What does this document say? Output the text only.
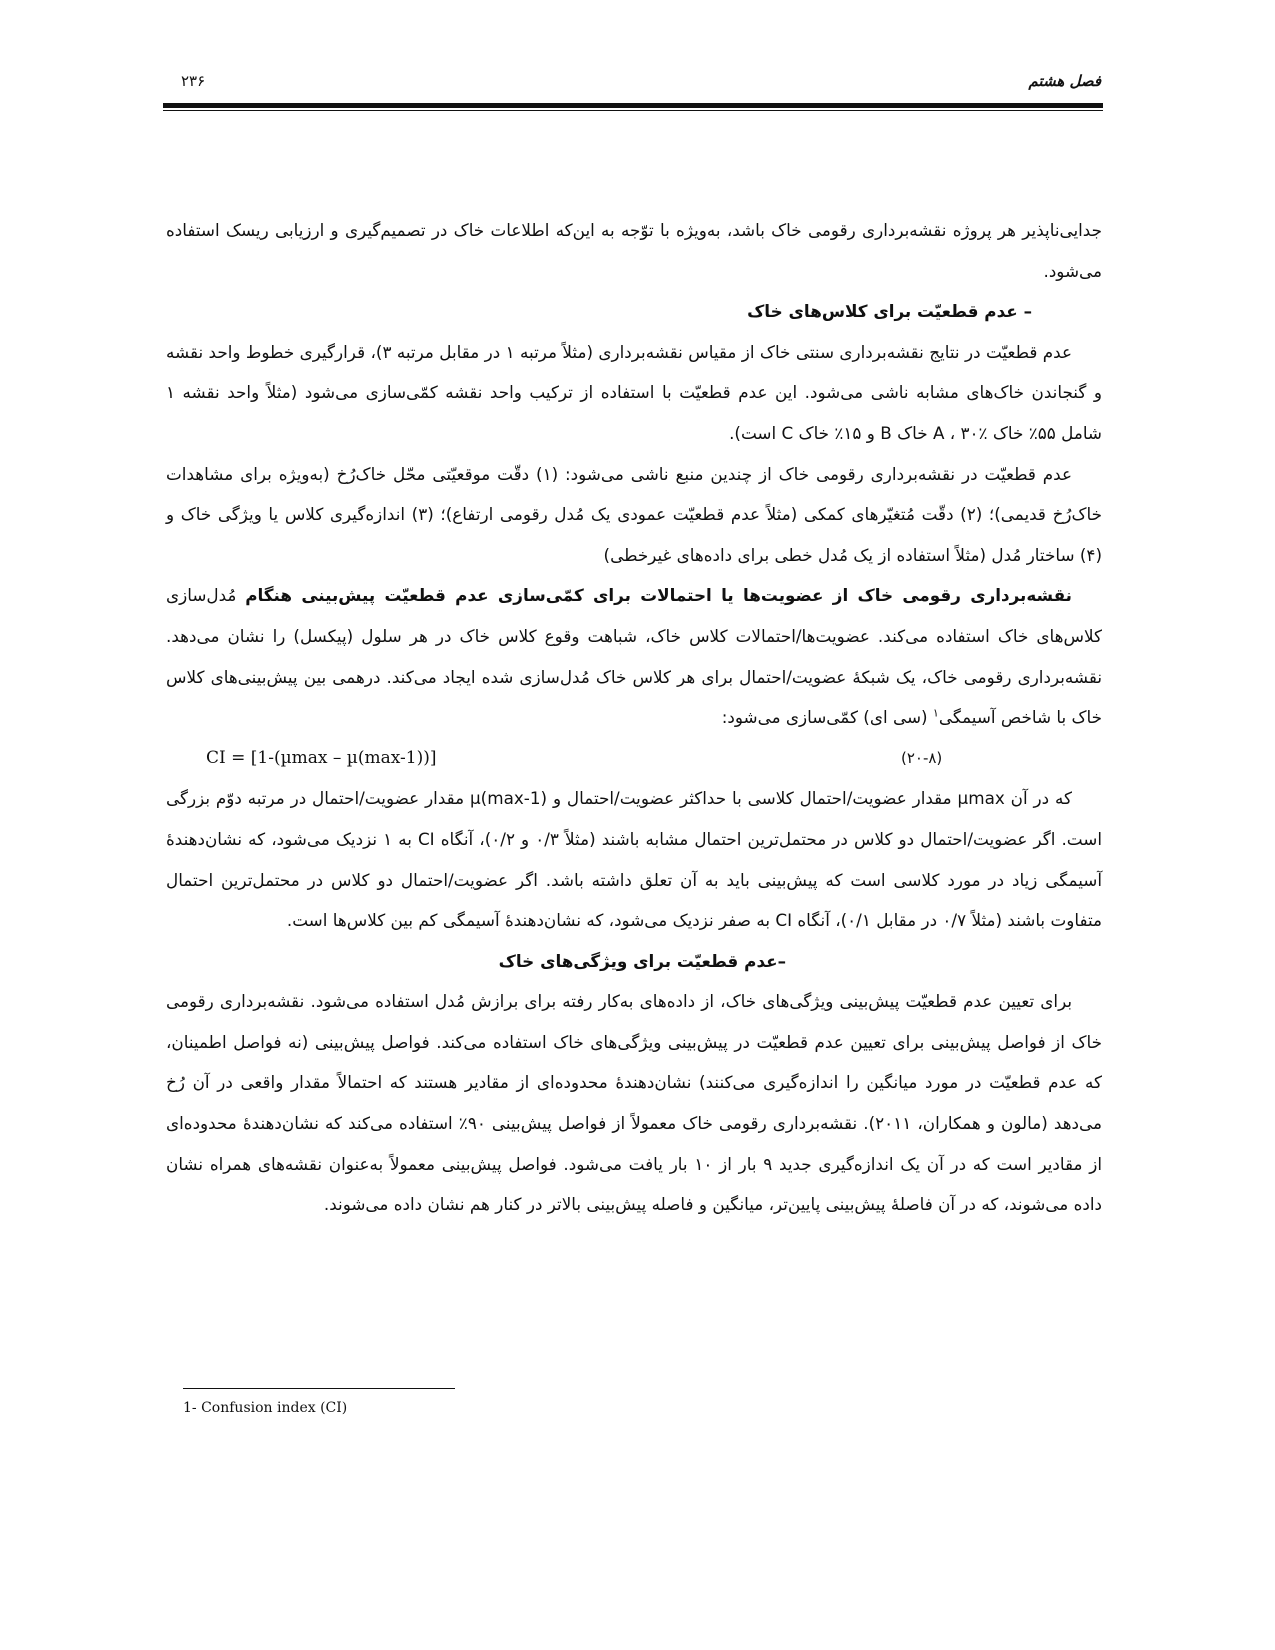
۲۳۶	فصل هشتم

جدایی‌ناپذیر هر پروژه نقشه‌برداری رقومی خاک باشد، به‌ویژه با توّجه به این‌که اطلاعات خاک در تصمیم‌گیری و ارزیابی ریسک استفاده می‌شود.

– عدم قطعیّت برای کلاس‌های خاک

عدم قطعیّت در نتایج نقشه‌برداری سنتی خاک از مقیاس نقشه‌برداری (مثلاً مرتبه ۱ در مقابل مرتبه ۳)، قرارگیری خطوط واحد نقشه و گنجاندن خاک‌های مشابه ناشی می‌شود. این عدم قطعیّت با استفاده از ترکیب واحد نقشه کمّی‌سازی می‌شود (مثلاً واحد نقشه ۱ شامل ۵۵٪ خاک A ، ۳۰٪ خاک B و ۱۵٪ خاک C است).

عدم قطعیّت در نقشه‌برداری رقومی خاک از چندین منبع ناشی می‌شود: (۱) دقّت موقعیّتی محّل خاک‌رُخ (به‌ویژه برای مشاهدات خاک‌رُخ قدیمی)؛ (۲) دقّت مُتغیّرهای کمکی (مثلاً عدم قطعیّت عمودی یک مُدل رقومی ارتفاع)؛ (۳) اندازه‌گیری کلاس یا ویژگی خاک و (۴) ساختار مُدل (مثلاً استفاده از یک مُدل خطی برای داده‌های غیرخطی)

نقشه‌برداری رقومی خاک از عضویت‌ها یا احتمالات برای کمّی‌سازی عدم قطعیّت پیش‌بینی هنگام مُدل‌سازی کلاس‌های خاک استفاده می‌کند. عضویت‌ها/احتمالات کلاس خاک، شباهت وقوع کلاس خاک در هر سلول (پیکسل) را نشان می‌دهد. نقشه‌برداری رقومی خاک، یک شبکهٔ عضویت/احتمال برای هر کلاس خاک مُدل‌سازی شده ایجاد می‌کند. درهمی بین پیش‌بینی‌های کلاس خاک با شاخص آسیمگی$^۱$ (سی ای) کمّی‌سازی می‌شود:

CI = [1-(µmax – µ(max-1))]	(۲۰-۸)

که در آن µmax مقدار عضویت/احتمال کلاسی با حداکثر عضویت/احتمال و µ(max-1) مقدار عضویت/احتمال در مرتبه دوّم بزرگی است. اگر عضویت/احتمال دو کلاس در محتمل‌ترین احتمال مشابه باشند (مثلاً ۰/۳ و ۰/۲)، آنگاه CI به ۱ نزدیک می‌شود، که نشان‌دهندهٔ آسیمگی زیاد در مورد کلاسی است که پیش‌بینی باید به آن تعلق داشته باشد. اگر عضویت/احتمال دو کلاس در محتمل‌ترین احتمال متفاوت باشند (مثلاً ۰/۷ در مقابل ۰/۱)، آنگاه CI به صفر نزدیک می‌شود، که نشان‌دهندهٔ آسیمگی کم بین کلاس‌ها است.

–عدم قطعیّت برای ویژگی‌های خاک

برای تعیین عدم قطعیّت پیش‌بینی ویژگی‌های خاک، از داده‌های به‌کار رفته برای برازش مُدل استفاده می‌شود. نقشه‌برداری رقومی خاک از فواصل پیش‌بینی برای تعیین عدم قطعیّت در پیش‌بینی ویژگی‌های خاک استفاده می‌کند. فواصل پیش‌بینی (نه فواصل اطمینان، که عدم قطعیّت در مورد میانگین را اندازه‌گیری می‌کنند) نشان‌دهندهٔ محدوده‌ای از مقادیر هستند که احتمالاً مقدار واقعی در آن رُخ می‌دهد (مالون و همکاران، ۲۰۱۱). نقشه‌برداری رقومی خاک معمولاً از فواصل پیش‌بینی ۹۰٪ استفاده می‌کند که نشان‌دهندهٔ محدوده‌ای از مقادیر است که در آن یک اندازه‌گیری جدید ۹ بار از ۱۰ بار یافت می‌شود. فواصل پیش‌بینی معمولاً به‌عنوان نقشه‌های همراه نشان داده می‌شوند، که در آن فاصلهٔ پیش‌بینی پایین‌تر، میانگین و فاصله پیش‌بینی بالاتر در کنار هم نشان داده می‌شوند.

1- Confusion index (CI)
